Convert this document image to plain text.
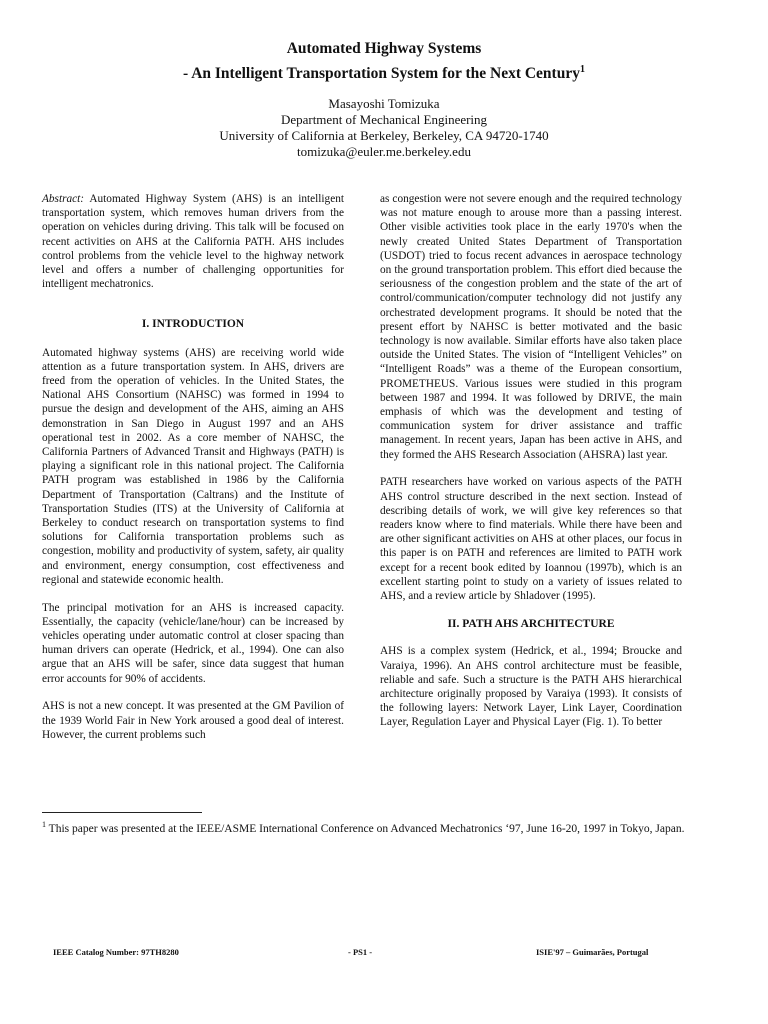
Automated Highway Systems
- An Intelligent Transportation System for the Next Century$^1$
Masayoshi Tomizuka
Department of Mechanical Engineering
University of California at Berkeley, Berkeley, CA 94720-1740
tomizuka@euler.me.berkeley.edu

Abstract: Automated Highway System (AHS) is an intelligent transportation system, which removes human drivers from the operation on vehicles during driving. This talk will be focused on recent activities on AHS at the California PATH. AHS includes control problems from the vehicle level to the highway network level and offers a number of challenging opportunities for intelligent mechatronics.

I. INTRODUCTION

Automated highway systems (AHS) are receiving world wide attention as a future transportation system. In AHS, drivers are freed from the operation of vehicles. In the United States, the National AHS Consortium (NAHSC) was formed in 1994 to pursue the design and development of the AHS, aiming an AHS demonstration in San Diego in August 1997 and an AHS operational test in 2002. As a core member of NAHSC, the California Partners of Advanced Transit and Highways (PATH) is playing a significant role in this national project. The California PATH program was established in 1986 by the California Department of Transportation (Caltrans) and the Institute of Transportation Studies (ITS) at the University of California at Berkeley to conduct research on transportation systems to find solutions for California transportation problems such as congestion, mobility and productivity of system, safety, air quality and environment, energy consumption, cost effectiveness and regional and statewide economic health.

The principal motivation for an AHS is increased capacity. Essentially, the capacity (vehicle/lane/hour) can be increased by vehicles operating under automatic control at closer spacing than human drivers can operate (Hedrick, et al., 1994). One can also argue that an AHS will be safer, since data suggest that human error accounts for 90% of accidents.

AHS is not a new concept. It was presented at the GM Pavilion of the 1939 World Fair in New York aroused a good deal of interest. However, the current problems such

as congestion were not severe enough and the required technology was not mature enough to arouse more than a passing interest. Other visible activities took place in the early 1970's when the newly created United States Department of Transportation (USDOT) tried to focus recent advances in aerospace technology on the ground transportation problem. This effort died because the seriousness of the congestion problem and the state of the art of control/communication/computer technology did not justify any orchestrated development programs. It should be noted that the present effort by NAHSC is better motivated and the basic technology is now available. Similar efforts have also taken place outside the United States. The vision of “Intelligent Vehicles” on “Intelligent Roads” was a theme of the European consortium, PROMETHEUS. Various issues were studied in this program between 1987 and 1994. It was followed by DRIVE, the main emphasis of which was the development and testing of communication system for driver assistance and traffic management. In recent years, Japan has been active in AHS, and they formed the AHS Research Association (AHSRA) last year.

PATH researchers have worked on various aspects of the PATH AHS control structure described in the next section. Instead of describing details of work, we will give key references so that readers know where to find materials. While there have been and are other significant activities on AHS at other places, our focus in this paper is on PATH and references are limited to PATH work except for a recent book edited by Ioannou (1997b), which is an excellent starting point to study on a variety of issues related to AHS, and a review article by Shladover (1995).

II. PATH AHS ARCHITECTURE

AHS is a complex system (Hedrick, et al., 1994; Broucke and Varaiya, 1996). An AHS control architecture must be feasible, reliable and safe. Such a structure is the PATH AHS hierarchical architecture originally proposed by Varaiya (1993). It consists of the following layers: Network Layer, Link Layer, Coordination Layer, Regulation Layer and Physical Layer (Fig. 1). To better

$^1$ This paper was presented at the IEEE/ASME International Conference on Advanced Mechatronics ‘97, June 16-20, 1997 in Tokyo, Japan.
IEEE Catalog Number: 97TH8280	- PS1 -	ISIE'97 – Guimarães, Portugal
